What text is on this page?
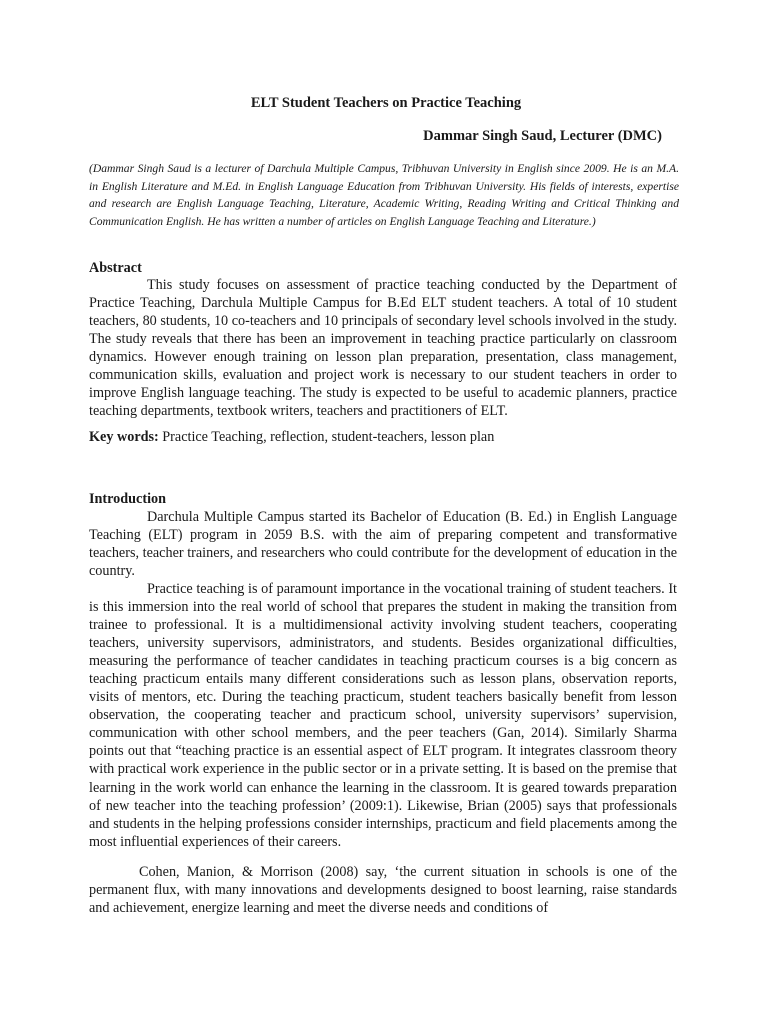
ELT Student Teachers on Practice Teaching
Dammar Singh Saud, Lecturer (DMC)
(Dammar Singh Saud is a lecturer of Darchula Multiple Campus, Tribhuvan University in English since 2009. He is an M.A. in English Literature and M.Ed. in English Language Education from Tribhuvan University. His fields of interests, expertise and research are English Language Teaching, Literature, Academic Writing, Reading Writing and Critical Thinking and Communication English. He has written a number of articles on English Language Teaching and Literature.)
Abstract
This study focuses on assessment of practice teaching conducted by the Department of Practice Teaching, Darchula Multiple Campus for B.Ed ELT student teachers. A total of 10 student teachers, 80 students, 10 co-teachers and 10 principals of secondary level schools involved in the study. The study reveals that there has been an improvement in teaching practice particularly on classroom dynamics. However enough training on lesson plan preparation, presentation, class management, communication skills, evaluation and project work is necessary to our student teachers in order to improve English language teaching. The study is expected to be useful to academic planners, practice teaching departments, textbook writers, teachers and practitioners of ELT.
Key words: Practice Teaching, reflection, student-teachers, lesson plan
Introduction
Darchula Multiple Campus started its Bachelor of Education (B. Ed.) in English Language Teaching (ELT) program in 2059 B.S. with the aim of preparing competent and transformative teachers, teacher trainers, and researchers who could contribute for the development of education in the country.
Practice teaching is of paramount importance in the vocational training of student teachers. It is this immersion into the real world of school that prepares the student in making the transition from trainee to professional. It is a multidimensional activity involving student teachers, cooperating teachers, university supervisors, administrators, and students. Besides organizational difficulties, measuring the performance of teacher candidates in teaching practicum courses is a big concern as teaching practicum entails many different considerations such as lesson plans, observation reports, visits of mentors, etc. During the teaching practicum, student teachers basically benefit from lesson observation, the cooperating teacher and practicum school, university supervisors’ supervision, communication with other school members, and the peer teachers (Gan, 2014). Similarly Sharma points out that “teaching practice is an essential aspect of ELT program. It integrates classroom theory with practical work experience in the public sector or in a private setting. It is based on the premise that learning in the work world can enhance the learning in the classroom. It is geared towards preparation of new teacher into the teaching profession’ (2009:1). Likewise, Brian (2005) says that professionals and students in the helping professions consider internships, practicum and field placements among the most influential experiences of their careers.
Cohen, Manion, & Morrison (2008) say, ‘the current situation in schools is one of the permanent flux, with many innovations and developments designed to boost learning, raise standards and achievement, energize learning and meet the diverse needs and conditions of
